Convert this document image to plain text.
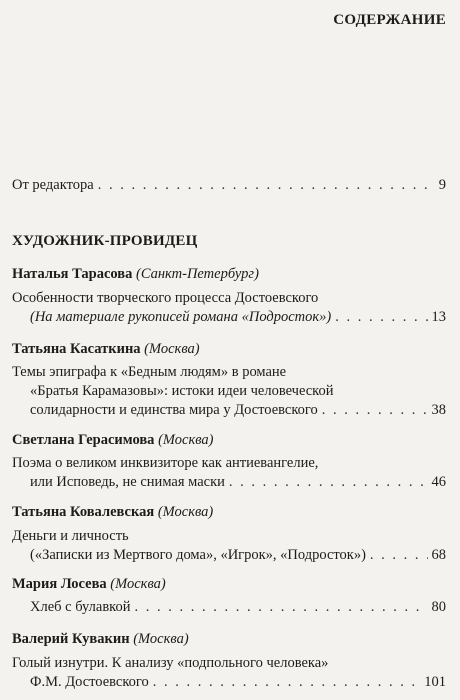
СОДЕРЖАНИЕ
От редактора . . .	9
ХУДОЖНИК-ПРОВИДЕЦ
Наталья Тарасова (Санкт-Петербург)
Особенности творческого процесса Достоевского
(На материале рукописей романа «Подросток») . . .	13
Татьяна Касаткина (Москва)
Темы эпиграфа к «Бедным людям» в романе
«Братья Карамазовы»: истоки идеи человеческой
солидарности и единства мира у Достоевского . . .	38
Светлана Герасимова (Москва)
Поэма о великом инквизиторе как антиевангелие,
или Исповедь, не снимая маски . . .	46
Татьяна Ковалевская (Москва)
Деньги и личность
(«Записки из Мертвого дома», «Игрок», «Подросток») . . .	68
Мария Лосева (Москва)
Хлеб с булавкой . . .	80
Валерий Кувакин (Москва)
Голый изнутри. К анализу «подпольного человека»
Ф.М. Достоевского . . .	101
